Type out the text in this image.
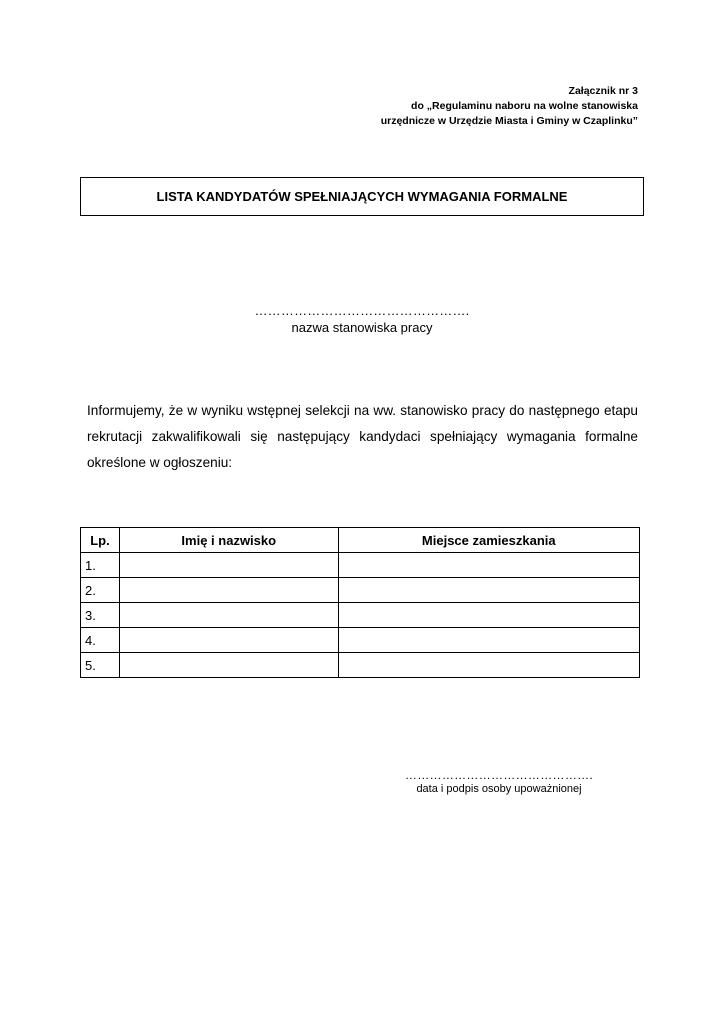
Załącznik nr 3
do „Regulaminu naboru na wolne stanowiska
urzędnicze w Urzędzie Miasta i Gminy w Czaplinku”
LISTA KANDYDATÓW SPEŁNIAJĄCYCH WYMAGANIA FORMALNE
………………………………………….
nazwa stanowiska pracy
Informujemy, że w wyniku wstępnej selekcji na ww. stanowisko pracy do następnego etapu rekrutacji zakwalifikowali się następujący kandydaci spełniający wymagania formalne określone w ogłoszeniu:
Lp.	Imię i nazwisko	Miejsce zamieszkania
1.		
2.		
3.		
4.		
5.		
……………………………………….
data i podpis osoby upoważnionej
